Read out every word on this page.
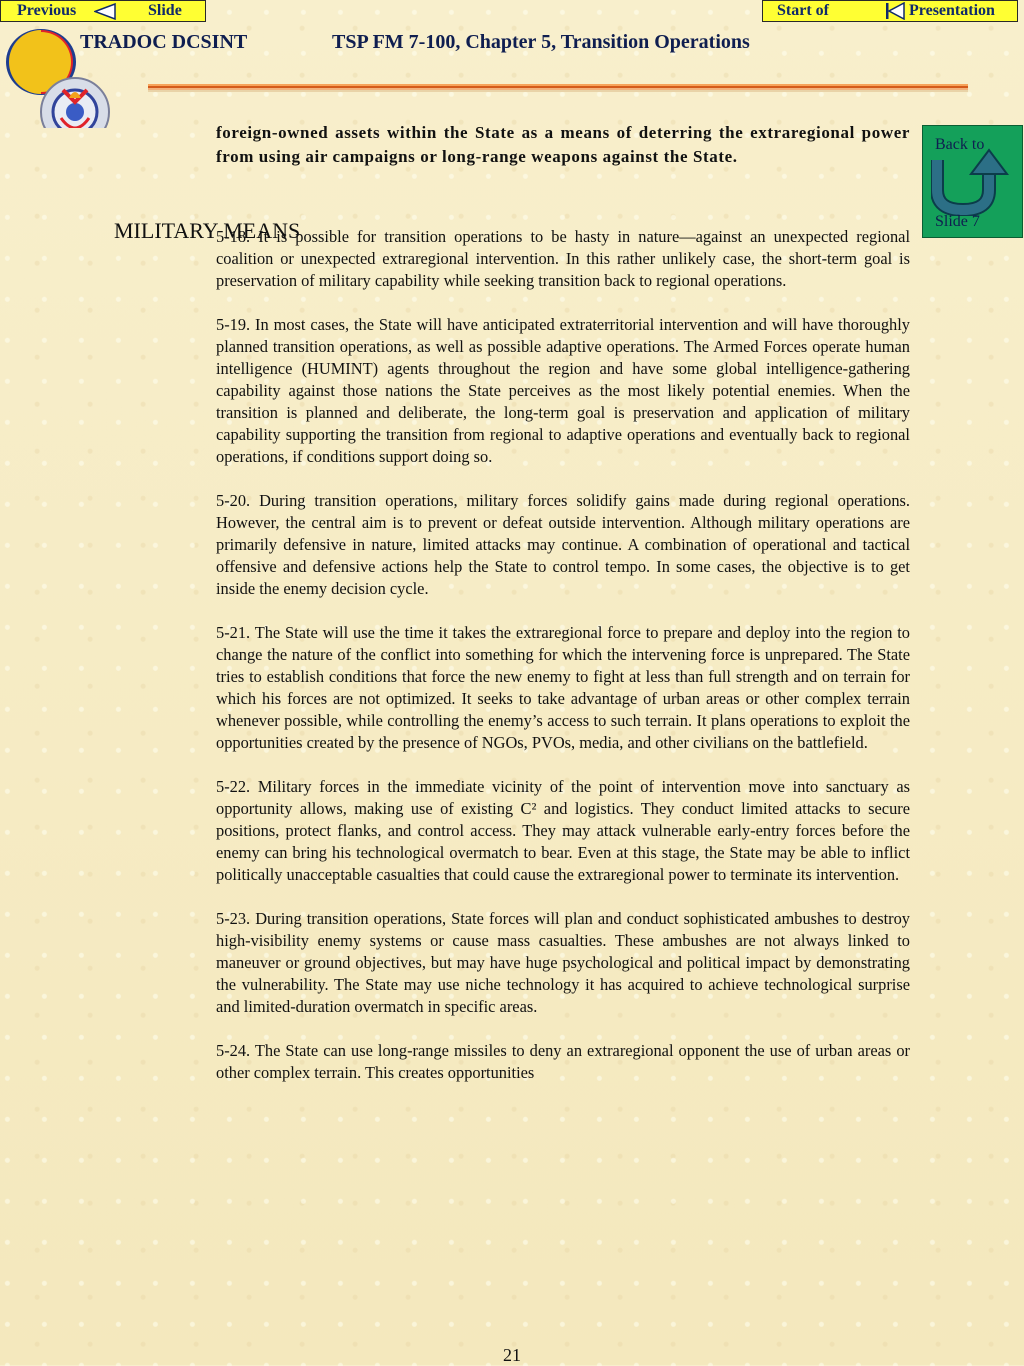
Previous	Slide	Start of	Presentation
TRADOC DCSINT	TSP FM 7-100, Chapter 5, Transition Operations
Back to
Slide 7
MILITARY MEANS

foreign-owned assets within the State as a means of deterring the extraregional power from using air campaigns or long-range weapons against the State.

5-18. It is possible for transition operations to be hasty in nature—against an unexpected regional coalition or unexpected extraregional intervention. In this rather unlikely case, the short-term goal is preservation of military capability while seeking transition back to regional operations.

5-19. In most cases, the State will have anticipated extraterritorial intervention and will have thoroughly planned transition operations, as well as possible adaptive operations. The Armed Forces operate human intelligence (HUMINT) agents throughout the region and have some global intelligence-gathering capability against those nations the State perceives as the most likely potential enemies. When the transition is planned and deliberate, the long-term goal is preservation and application of military capability supporting the transition from regional to adaptive operations and eventually back to regional operations, if conditions support doing so.

5-20. During transition operations, military forces solidify gains made during regional operations. However, the central aim is to prevent or defeat outside intervention. Although military operations are primarily defensive in nature, limited attacks may continue. A combination of operational and tactical offensive and defensive actions help the State to control tempo. In some cases, the objective is to get inside the enemy decision cycle.

5-21. The State will use the time it takes the extraregional force to prepare and deploy into the region to change the nature of the conflict into something for which the intervening force is unprepared. The State tries to establish conditions that force the new enemy to fight at less than full strength and on terrain for which his forces are not optimized. It seeks to take advantage of urban areas or other complex terrain whenever possible, while controlling the enemy’s access to such terrain. It plans operations to exploit the opportunities created by the presence of NGOs, PVOs, media, and other civilians on the battlefield.

5-22. Military forces in the immediate vicinity of the point of intervention move into sanctuary as opportunity allows, making use of existing C² and logistics. They conduct limited attacks to secure positions, protect flanks, and control access. They may attack vulnerable early-entry forces before the enemy can bring his technological overmatch to bear. Even at this stage, the State may be able to inflict politically unacceptable casualties that could cause the extraregional power to terminate its intervention.

5-23. During transition operations, State forces will plan and conduct sophisticated ambushes to destroy high-visibility enemy systems or cause mass casualties. These ambushes are not always linked to maneuver or ground objectives, but may have huge psychological and political impact by demonstrating the vulnerability. The State may use niche technology it has acquired to achieve technological surprise and limited-duration overmatch in specific areas.

5-24. The State can use long-range missiles to deny an extraregional opponent the use of urban areas or other complex terrain. This creates opportunities

21
